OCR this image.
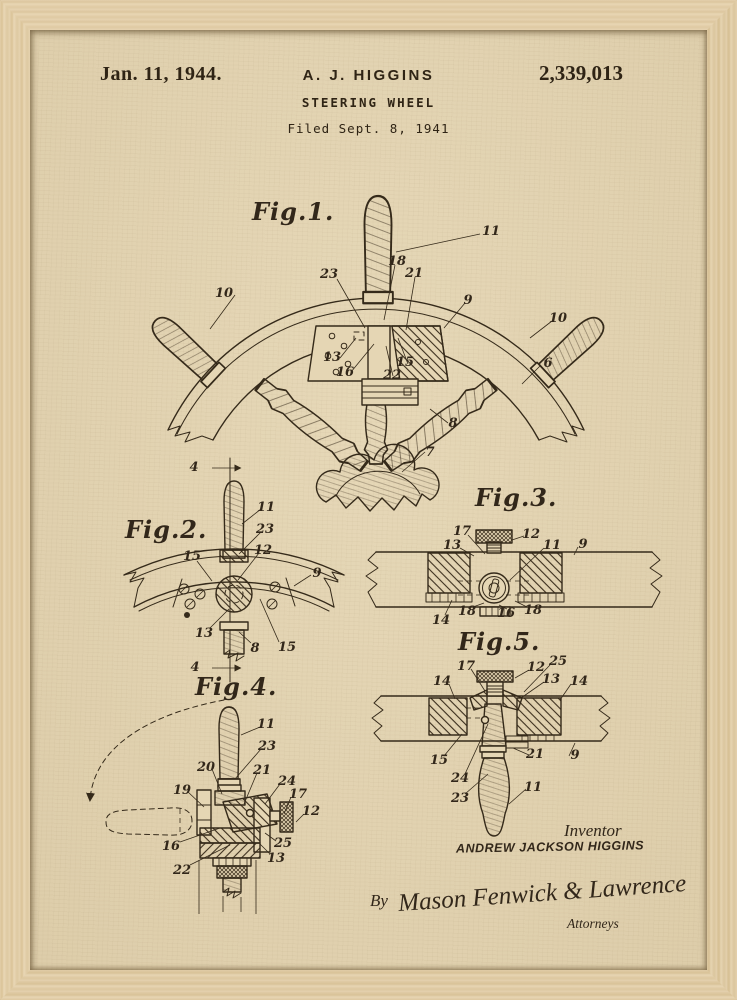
Jan. 11, 1944.	A. J. HIGGINS	2,339,013
STEERING WHEEL
Filed Sept. 8, 1941
Fig.1.
11
23
18
21
9
10
10
6
13
16
15
22
8
7
Fig.2.
4
11
23
12
15
9
13
8 15
4
Fig.3.
17	12
13	11 9
14
18 16 18
Fig.4.
11
23
20	21
19
24
17
12
16	25
13
22
Fig.5.
17	12 25
13 14
14
15
24
23
21 9
11
Inventor
ANDREW JACKSON HIGGINS
By Mason Fenwick & Lawrence
Attorneys
